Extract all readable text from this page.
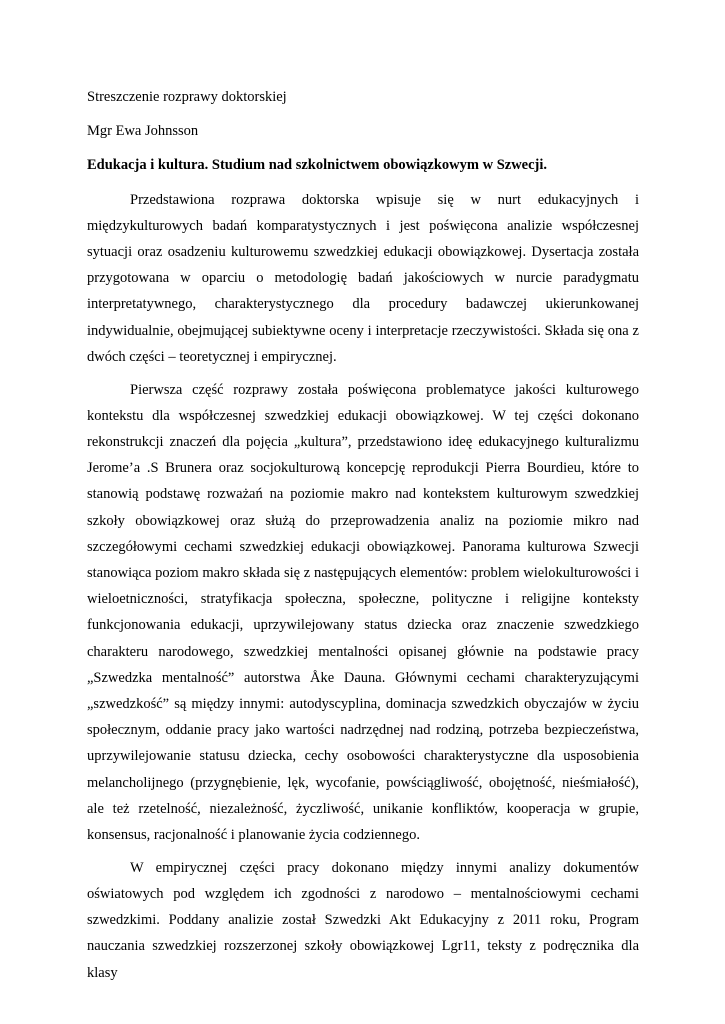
Streszczenie rozprawy doktorskiej

Mgr Ewa Johnsson

Edukacja i kultura. Studium nad szkolnictwem obowiązkowym w Szwecji.

Przedstawiona rozprawa doktorska wpisuje się w nurt edukacyjnych i międzykulturowych badań komparatystycznych i jest poświęcona analizie współczesnej sytuacji oraz osadzeniu kulturowemu szwedzkiej edukacji obowiązkowej. Dysertacja została przygotowana w oparciu o metodologię badań jakościowych w nurcie paradygmatu interpretatywnego, charakterystycznego dla procedury badawczej ukierunkowanej indywidualnie, obejmującej subiektywne oceny i interpretacje rzeczywistości. Składa się ona z dwóch części – teoretycznej i empirycznej.

Pierwsza część rozprawy została poświęcona problematyce jakości kulturowego kontekstu dla współczesnej szwedzkiej edukacji obowiązkowej. W tej części dokonano rekonstrukcji znaczeń dla pojęcia „kultura”, przedstawiono ideę edukacyjnego kulturalizmu Jerome’a .S Brunera oraz socjokulturową koncepcję reprodukcji Pierra Bourdieu, które to stanowią podstawę rozważań na poziomie makro nad kontekstem kulturowym szwedzkiej szkoły obowiązkowej oraz służą do przeprowadzenia analiz na poziomie mikro nad szczegółowymi cechami szwedzkiej edukacji obowiązkowej. Panorama kulturowa Szwecji stanowiąca poziom makro składa się z następujących elementów: problem wielokulturowości i wieloetniczności, stratyfikacja społeczna, społeczne, polityczne i religijne konteksty funkcjonowania edukacji, uprzywilejowany status dziecka oraz znaczenie szwedzkiego charakteru narodowego, szwedzkiej mentalności opisanej głównie na podstawie pracy „Szwedzka mentalność” autorstwa Åke Dauna. Głównymi cechami charakteryzującymi „szwedzkość” są między innymi: autodyscyplina, dominacja szwedzkich obyczajów w życiu społecznym, oddanie pracy jako wartości nadrzędnej nad rodziną, potrzeba bezpieczeństwa, uprzywilejowanie statusu dziecka, cechy osobowości charakterystyczne dla usposobienia melancholijnego (przygnębienie, lęk, wycofanie, powściągliwość, obojętność, nieśmiałość), ale też rzetelność, niezależność, życzliwość, unikanie konfliktów, kooperacja w grupie, konsensus, racjonalność i planowanie życia codziennego.

W empirycznej części pracy dokonano między innymi analizy dokumentów oświatowych pod względem ich zgodności z narodowo – mentalnościowymi cechami szwedzkimi. Poddany analizie został Szwedzki Akt Edukacyjny z 2011 roku, Program nauczania szwedzkiej rozszerzonej szkoły obowiązkowej Lgr11, teksty z podręcznika dla klasy
